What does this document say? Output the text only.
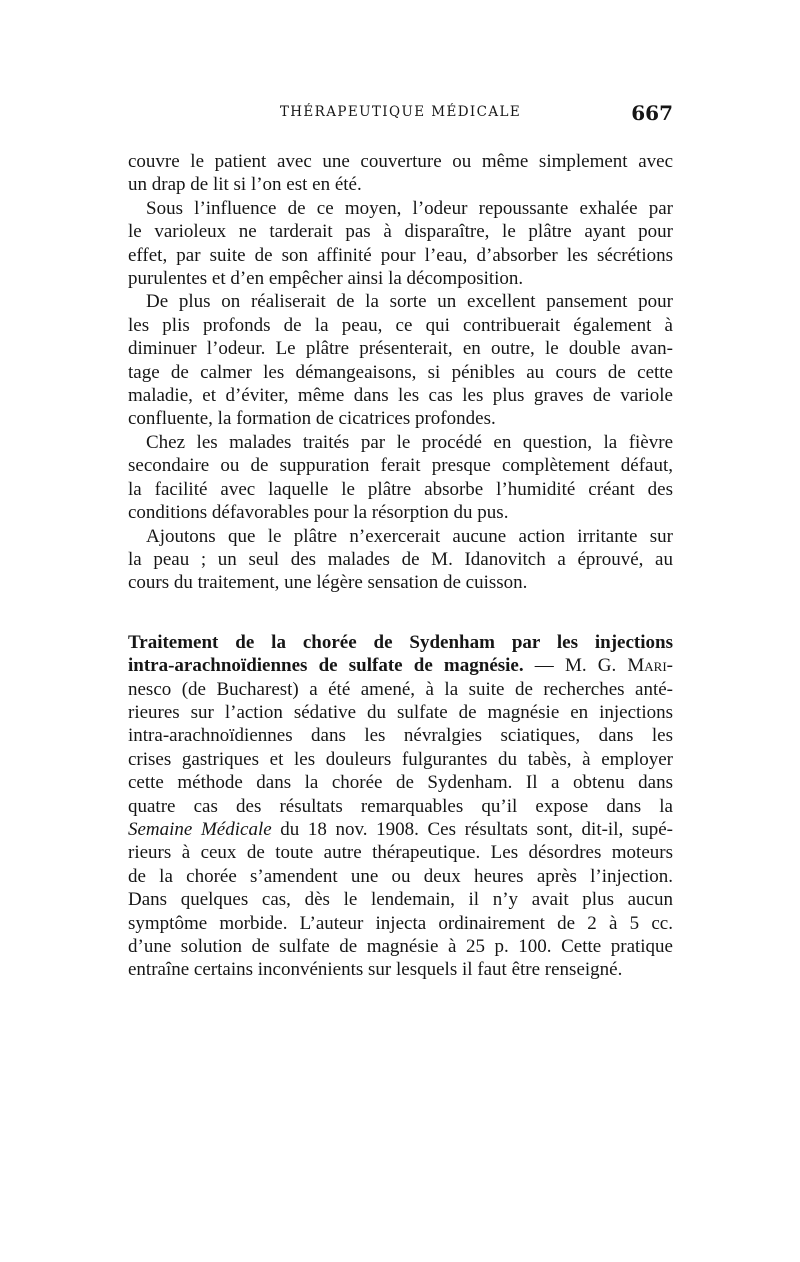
THÉRAPEUTIQUE MÉDICALE	667

couvre le patient avec une couverture ou même simplement avec
un drap de lit si l’on est en été.

Sous l’influence de ce moyen, l’odeur repoussante exhalée par
le varioleux ne tarderait pas à disparaître, le plâtre ayant pour
effet, par suite de son affinité pour l’eau, d’absorber les sécrétions
purulentes et d’en empêcher ainsi la décomposition.

De plus on réaliserait de la sorte un excellent pansement pour
les plis profonds de la peau, ce qui contribuerait également à
diminuer l’odeur. Le plâtre présenterait, en outre, le double avan-
tage de calmer les démangeaisons, si pénibles au cours de cette
maladie, et d’éviter, même dans les cas les plus graves de variole
confluente, la formation de cicatrices profondes.

Chez les malades traités par le procédé en question, la fièvre
secondaire ou de suppuration ferait presque complètement défaut,
la facilité avec laquelle le plâtre absorbe l’humidité créant des
conditions défavorables pour la résorption du pus.

Ajoutons que le plâtre n’exercerait aucune action irritante sur
la peau ; un seul des malades de M. Idanovitch a éprouvé, au
cours du traitement, une légère sensation de cuisson.

Traitement de la chorée de Sydenham par les injections
intra-arachnoïdiennes de sulfate de magnésie. — M. G. Mari-
nesco (de Bucharest) a été amené, à la suite de recherches anté-
rieures sur l’action sédative du sulfate de magnésie en injections
intra-arachnoïdiennes dans les névralgies sciatiques, dans les
crises gastriques et les douleurs fulgurantes du tabès, à employer
cette méthode dans la chorée de Sydenham. Il a obtenu dans
quatre cas des résultats remarquables qu’il expose dans la
Semaine Médicale du 18 nov. 1908. Ces résultats sont, dit-il, supé-
rieurs à ceux de toute autre thérapeutique. Les désordres moteurs
de la chorée s’amendent une ou deux heures après l’injection.
Dans quelques cas, dès le lendemain, il n’y avait plus aucun
symptôme morbide. L’auteur injecta ordinairement de 2 à 5 cc.
d’une solution de sulfate de magnésie à 25 p. 100. Cette pratique
entraîne certains inconvénients sur lesquels il faut être renseigné.
